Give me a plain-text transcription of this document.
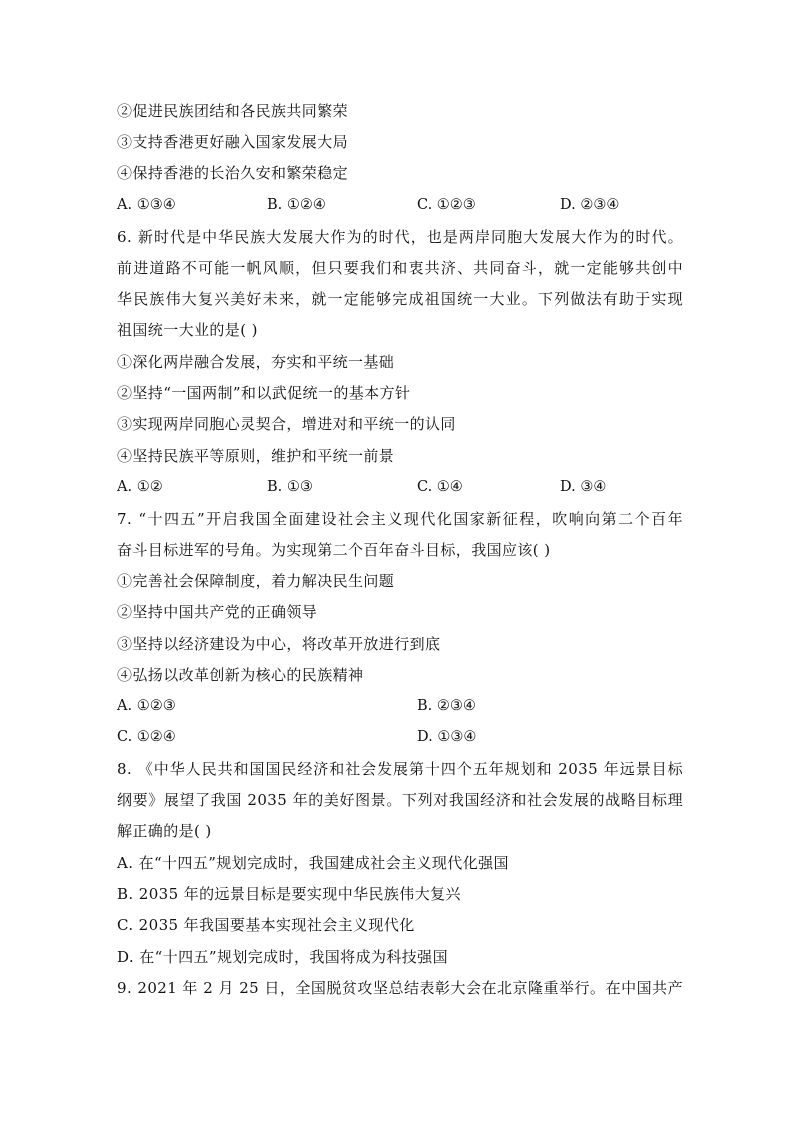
②促进民族团结和各民族共同繁荣
③支持香港更好融入国家发展大局
④保持香港的长治久安和繁荣稳定
A. ①③④	B. ①②④	C. ①②③	D. ②③④
6. 新时代是中华民族大发展大作为的时代，也是两岸同胞大发展大作为的时代。
前进道路不可能一帆风顺，但只要我们和衷共济、共同奋斗，就一定能够共创中
华民族伟大复兴美好未来，就一定能够完成祖国统一大业。下列做法有助于实现
祖国统一大业的是( )
①深化两岸融合发展，夯实和平统一基础
②坚持“一国两制”和以武促统一的基本方针
③实现两岸同胞心灵契合，增进对和平统一的认同
④坚持民族平等原则，维护和平统一前景
A. ①②	B. ①③	C. ①④	D. ③④
7. “十四五”开启我国全面建设社会主义现代化国家新征程，吹响向第二个百年
奋斗目标进军的号角。为实现第二个百年奋斗目标，我国应该( )
①完善社会保障制度，着力解决民生问题
②坚持中国共产党的正确领导
③坚持以经济建设为中心，将改革开放进行到底
④弘扬以改革创新为核心的民族精神
A. ①②③	B. ②③④
C. ①②④	D. ①③④
8. 《中华人民共和国国民经济和社会发展第十四个五年规划和 2035 年远景目标
纲要》展望了我国 2035 年的美好图景。下列对我国经济和社会发展的战略目标理
解正确的是( )
A. 在“十四五”规划完成时，我国建成社会主义现代化强国
B. 2035 年的远景目标是要实现中华民族伟大复兴
C. 2035 年我国要基本实现社会主义现代化
D. 在“十四五”规划完成时，我国将成为科技强国
9. 2021 年 2 月 25 日，全国脱贫攻坚总结表彰大会在北京隆重举行。在中国共产
